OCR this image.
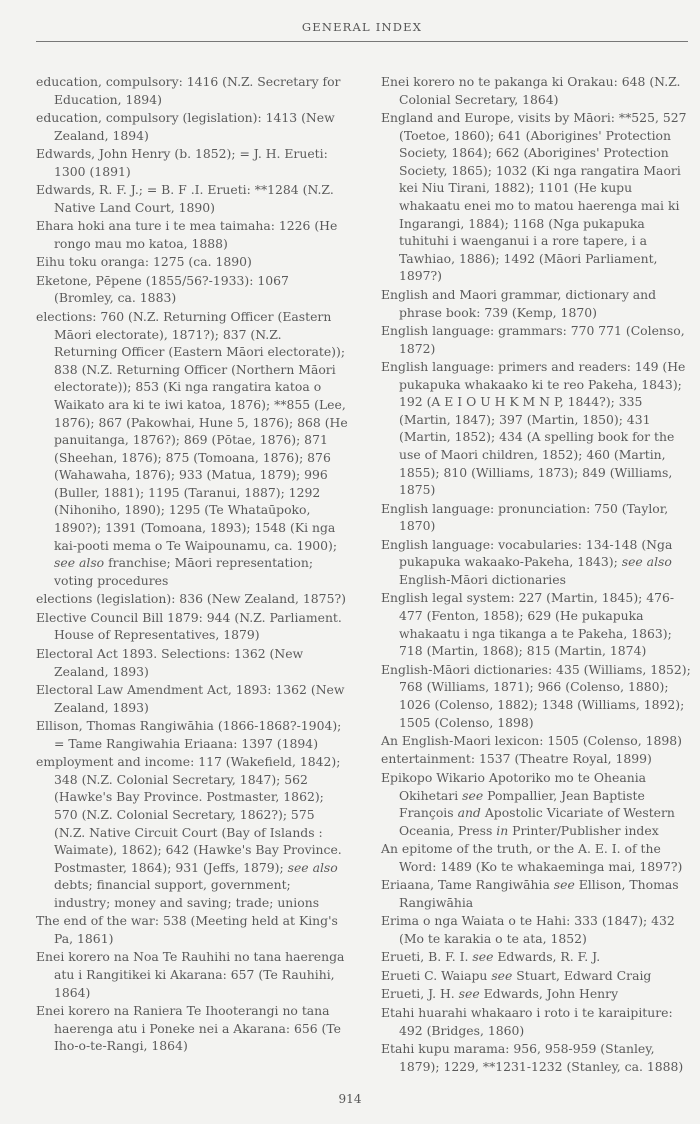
GENERAL INDEX
education, compulsory: 1416 (N.Z. Secretary for Education, 1894)
education, compulsory (legislation): 1413 (New Zealand, 1894)
Edwards, John Henry (b. 1852); = J. H. Erueti: 1300 (1891)
Edwards, R. F. J.; = B. F .I. Erueti: **1284 (N.Z. Native Land Court, 1890)
Ehara hoki ana ture i te mea taimaha: 1226 (He rongo mau mo katoa, 1888)
Eihu toku oranga: 1275 (ca. 1890)
Eketone, Pēpene (1855/56?-1933): 1067 (Bromley, ca. 1883)
elections: 760 (N.Z. Returning Officer (Eastern Māori electorate), 1871?); 837 (N.Z. Returning Officer (Eastern Māori electorate)); 838 (N.Z. Returning Officer (Northern Māori electorate)); 853 (Ki nga rangatira katoa o Waikato ara ki te iwi katoa, 1876); **855 (Lee, 1876); 867 (Pakowhai, Hune 5, 1876); 868 (He panuitanga, 1876?); 869 (Pōtae, 1876); 871 (Sheehan, 1876); 875 (Tomoana, 1876); 876 (Wahawaha, 1876); 933 (Matua, 1879); 996 (Buller, 1881); 1195 (Taranui, 1887); 1292 (Nihoniho, 1890); 1295 (Te Whataūpoko, 1890?); 1391 (Tomoana, 1893); 1548 (Ki nga kai-pooti mema o Te Waipounamu, ca. 1900); see also franchise; Māori representation; voting procedures
elections (legislation): 836 (New Zealand, 1875?)
Elective Council Bill 1879: 944 (N.Z. Parliament. House of Representatives, 1879)
Electoral Act 1893. Selections: 1362 (New Zealand, 1893)
Electoral Law Amendment Act, 1893: 1362 (New Zealand, 1893)
Ellison, Thomas Rangiwāhia (1866-1868?-1904); = Tame Rangiwahia Eriaana: 1397 (1894)
employment and income: 117 (Wakefield, 1842); 348 (N.Z. Colonial Secretary, 1847); 562 (Hawke's Bay Province. Postmaster, 1862); 570 (N.Z. Colonial Secretary, 1862?); 575 (N.Z. Native Circuit Court (Bay of Islands : Waimate), 1862); 642 (Hawke's Bay Province. Postmaster, 1864); 931 (Jeffs, 1879); see also debts; financial support, government; industry; money and saving; trade; unions
The end of the war: 538 (Meeting held at King's Pa, 1861)
Enei korero na Noa Te Rauhihi no tana haerenga atu i Rangitikei ki Akarana: 657 (Te Rauhihi, 1864)
Enei korero na Raniera Te Ihooterangi no tana haerenga atu i Poneke nei a Akarana: 656 (Te Iho-o-te-Rangi, 1864)
Enei korero no te pakanga ki Orakau: 648 (N.Z. Colonial Secretary, 1864)
England and Europe, visits by Māori: **525, 527 (Toetoe, 1860); 641 (Aborigines' Protection Society, 1864); 662 (Aborigines' Protection Society, 1865); 1032 (Ki nga rangatira Maori kei Niu Tirani, 1882); 1101 (He kupu whakaatu enei mo to matou haerenga mai ki Ingarangi, 1884); 1168 (Nga pukapuka tuhituhi i waenganui i a rore tapere, i a Tawhiao, 1886); 1492 (Māori Parliament, 1897?)
English and Maori grammar, dictionary and phrase book: 739 (Kemp, 1870)
English language: grammars: 770 771 (Colenso, 1872)
English language: primers and readers: 149 (He pukapuka whakaako ki te reo Pakeha, 1843); 192 (A E I O U H K M N P, 1844?); 335 (Martin, 1847); 397 (Martin, 1850); 431 (Martin, 1852); 434 (A spelling book for the use of Maori children, 1852); 460 (Martin, 1855); 810 (Williams, 1873); 849 (Williams, 1875)
English language: pronunciation: 750 (Taylor, 1870)
English language: vocabularies: 134-148 (Nga pukapuka wakaako-Pakeha, 1843); see also English-Māori dictionaries
English legal system: 227 (Martin, 1845); 476-477 (Fenton, 1858); 629 (He pukapuka whakaatu i nga tikanga a te Pakeha, 1863); 718 (Martin, 1868); 815 (Martin, 1874)
English-Māori dictionaries: 435 (Williams, 1852); 768 (Williams, 1871); 966 (Colenso, 1880); 1026 (Colenso, 1882); 1348 (Williams, 1892); 1505 (Colenso, 1898)
An English-Maori lexicon: 1505 (Colenso, 1898)
entertainment: 1537 (Theatre Royal, 1899)
Epikopo Wikario Apotoriko mo te Oheania Okihetari see Pompallier, Jean Baptiste François and Apostolic Vicariate of Western Oceania, Press in Printer/Publisher index
An epitome of the truth, or the A. E. I. of the Word: 1489 (Ko te whakaeminga mai, 1897?)
Eriaana, Tame Rangiwāhia see Ellison, Thomas Rangiwāhia
Erima o nga Waiata o te Hahi: 333 (1847); 432 (Mo te karakia o te ata, 1852)
Erueti, B. F. I. see Edwards, R. F. J.
Erueti C. Waiapu see Stuart, Edward Craig
Erueti, J. H. see Edwards, John Henry
Etahi huarahi whakaaro i roto i te karaipiture: 492 (Bridges, 1860)
Etahi kupu marama: 956, 958-959 (Stanley, 1879); 1229, **1231-1232 (Stanley, ca. 1888)
914
